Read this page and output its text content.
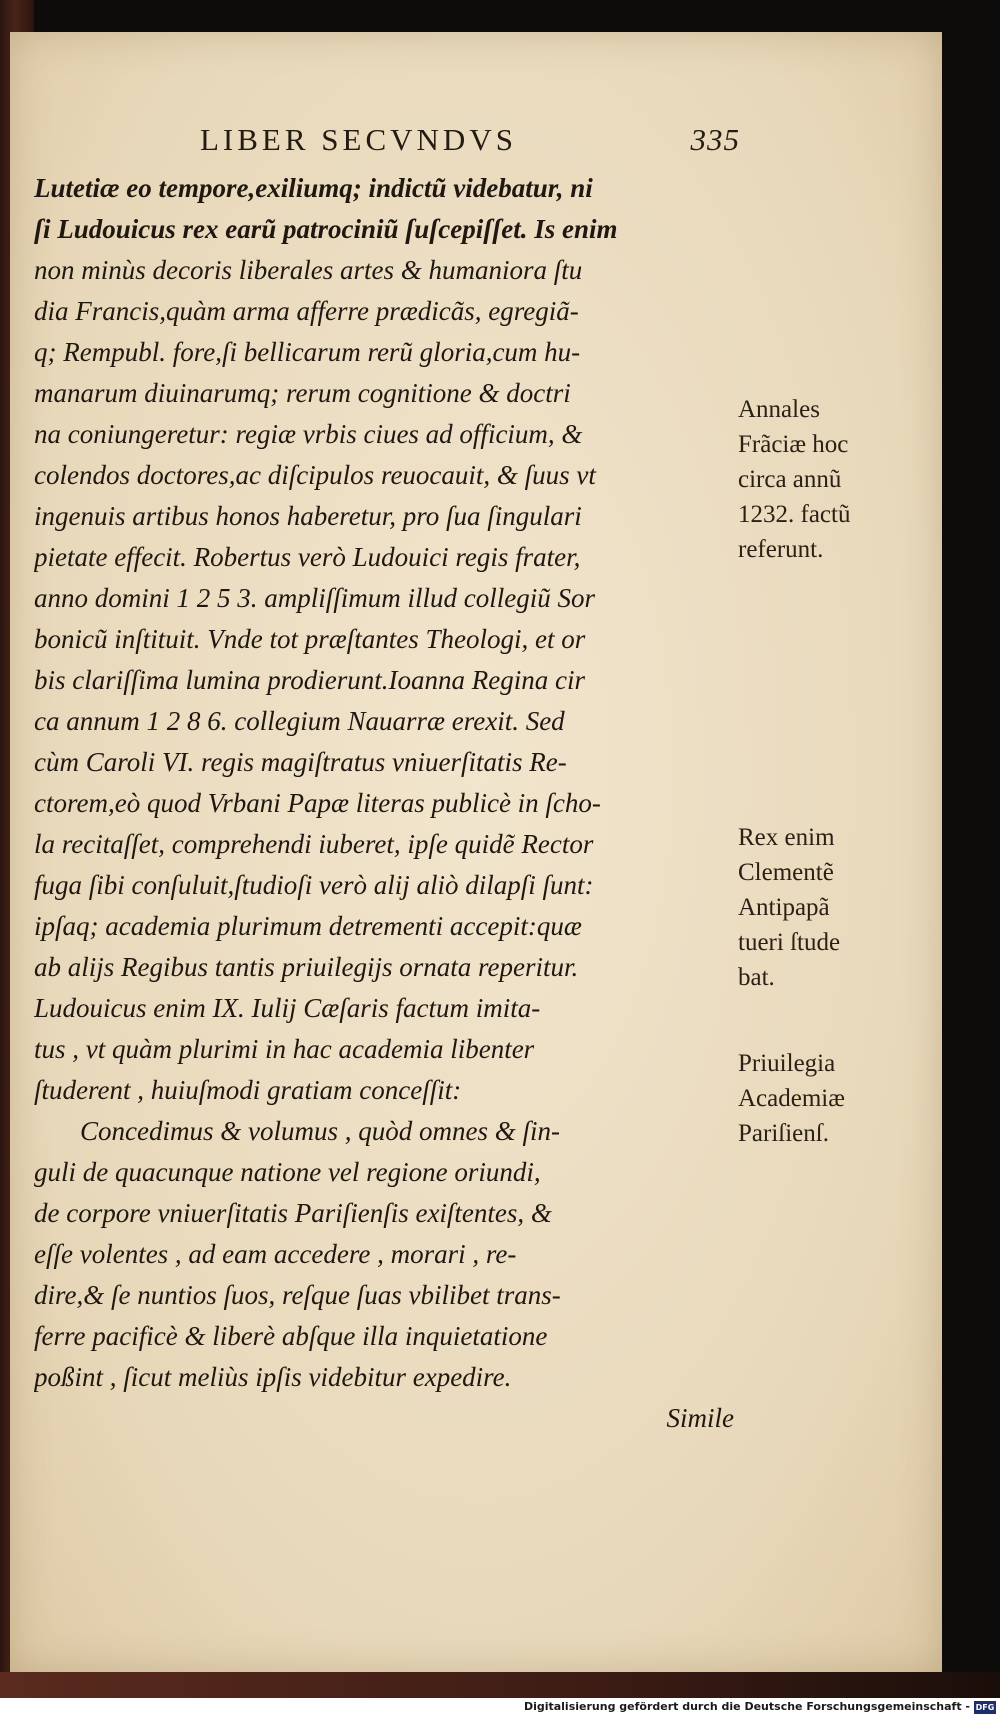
LIBER SECVNDVS	335
Lutetiæ eo tempore,exiliumq; indictũ videbatur, ni
ſi Ludouicus rex earũ patrociniũ ſuſcepiſſet. Is enim
non minùs decoris liberales artes & humaniora ſtu
dia Francis,quàm arma afferre prædicãs, egregiã-
q; Rempubl. fore,ſi bellicarum rerũ gloria,cum hu-
manarum diuinarumq; rerum cognitione & doctri
na coniungeretur: regiæ vrbis ciues ad officium, &
colendos doctores,ac diſcipulos reuocauit, & ſuus vt
ingenuis artibus honos haberetur, pro ſua ſingulari
pietate effecit. Robertus verò Ludouici regis frater,
anno domini 1 2 5 3. ampliſſimum illud collegiũ Sor
bonicũ inſtituit. Vnde tot præſtantes Theologi, et or
bis clariſſima lumina prodierunt.Ioanna Regina cir
ca annum 1 2 8 6. collegium Nauarræ erexit. Sed
cùm Caroli VI. regis magiſtratus vniuerſitatis Re-
ctorem,eò quod Vrbani Papæ literas publicè in ſcho-
la recitaſſet, comprehendi iuberet, ipſe quidẽ Rector
fuga ſibi conſuluit,ſtudioſi verò alij aliò dilapſi ſunt:
ipſaq; academia plurimum detrementi accepit:quæ
ab alijs Regibus tantis priuilegijs ornata reperitur.
Ludouicus enim IX. Iulij Cæſaris factum imita-
tus , vt quàm plurimi in hac academia libenter
ſtuderent , huiuſmodi gratiam conceſſit:
Concedimus & volumus , quòd omnes & ſin-
guli de quacunque natione vel regione oriundi,
de corpore vniuerſitatis Pariſienſis exiſtentes, &
eſſe volentes , ad eam accedere , morari , re-
dire,& ſe nuntios ſuos, reſque ſuas vbilibet trans-
ferre pacificè & liberè abſque illa inquietatione
poßint , ſicut meliùs ipſis videbitur expedire.
Simile
Annales
Frãciæ hoc
circa annũ
1232. factũ
referunt.
Rex enim
Clementẽ
Antipapã
tueri ſtude
bat.
Priuilegia
Academiæ
Pariſienſ.
Digitalisierung gefördert durch die Deutsche Forschungsgemeinschaft - DFG
